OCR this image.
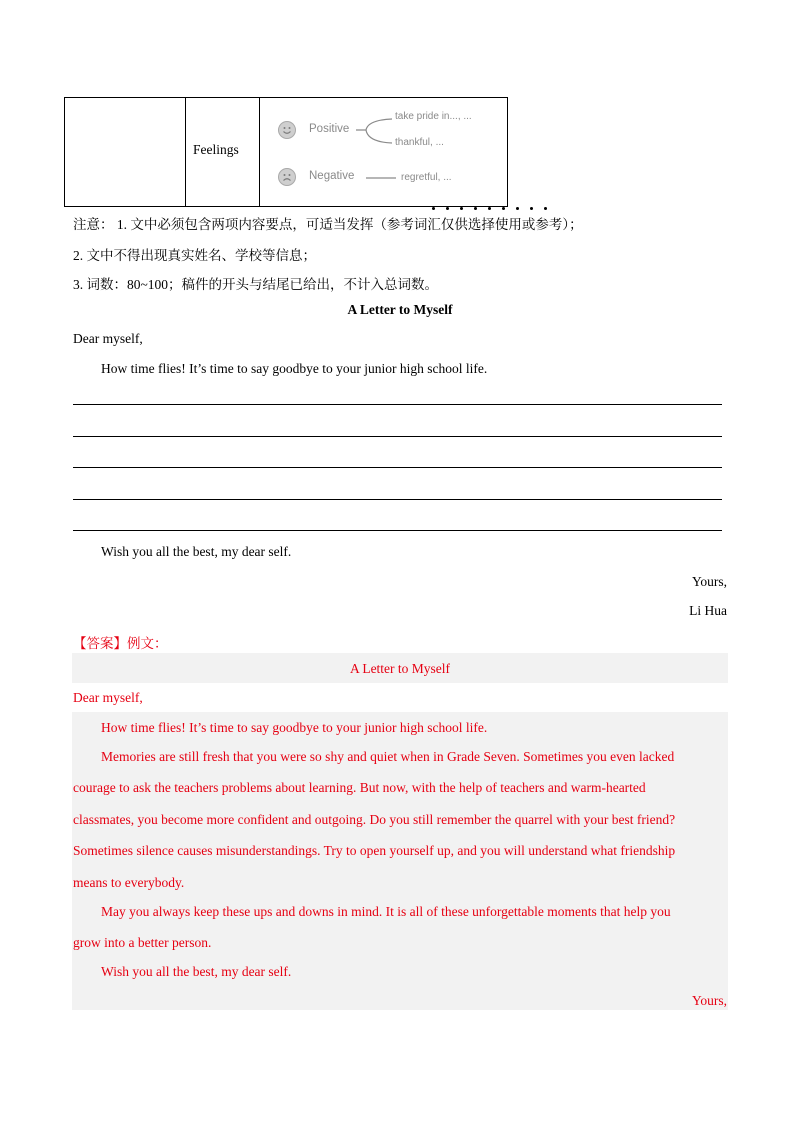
Feelings
Positive
take pride in..., ...
thankful, ...
Negative	regretful, ...
注意： 1. 文中必须包含两项内容要点，可适当发挥（参考词汇仅供选择使用或参考）；
2. 文中不得出现真实姓名、学校等信息；
3. 词数：80~100；稿件的开头与结尾已给出，不计入总词数。
A Letter to Myself
Dear myself,
How time flies! It’s time to say goodbye to your junior high school life.
Wish you all the best, my dear self.
Yours,
Li Hua
【答案】例文：
A Letter to Myself
Dear myself,
How time flies! It’s time to say goodbye to your junior high school life.
Memories are still fresh that you were so shy and quiet when in Grade Seven. Sometimes you even lacked
courage to ask the teachers problems about learning. But now, with the help of teachers and warm-hearted
classmates, you become more confident and outgoing. Do you still remember the quarrel with your best friend?
Sometimes silence causes misunderstandings. Try to open yourself up, and you will understand what friendship
means to everybody.
May you always keep these ups and downs in mind. It is all of these unforgettable moments that help you
grow into a better person.
Wish you all the best, my dear self.
Yours,
